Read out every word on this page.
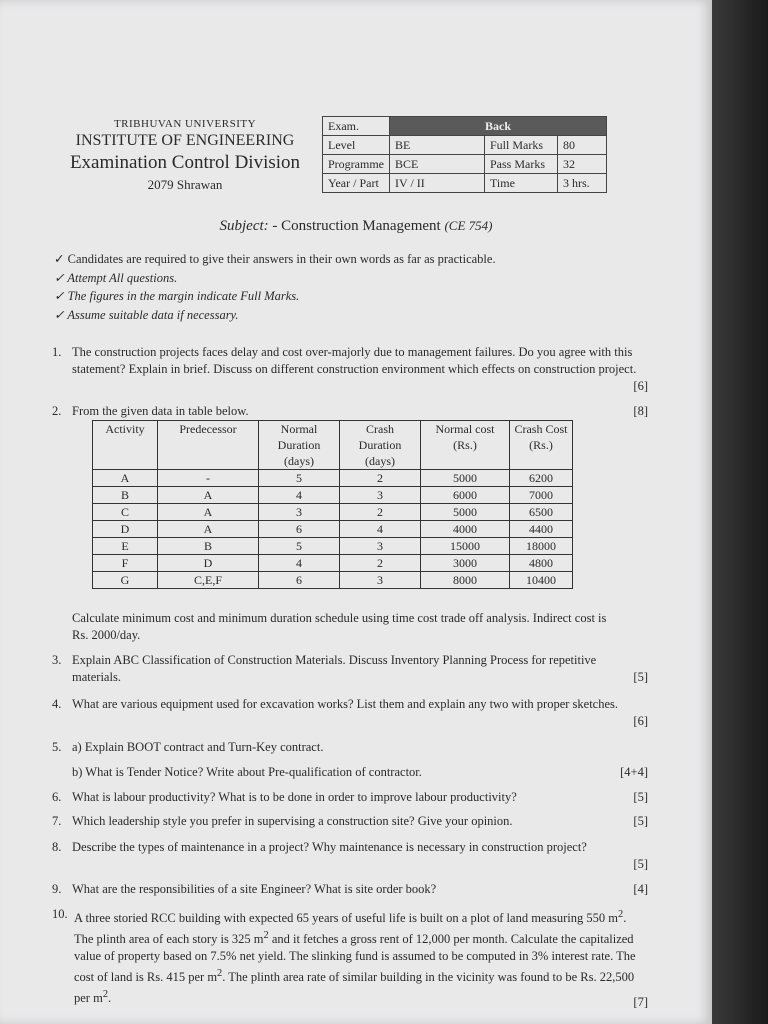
TRIBHUVAN UNIVERSITY
INSTITUTE OF ENGINEERING
Examination Control Division
2079 Shrawan
Exam.	Back		
Level	BE	Full Marks	80
Programme	BCE	Pass Marks	32
Year / Part	IV / II	Time	3 hrs.
Subject: - Construction Management (CE 754)
✓ Candidates are required to give their answers in their own words as far as practicable.
✓ Attempt All questions.
✓ The figures in the margin indicate Full Marks.
✓ Assume suitable data if necessary.
1. The construction projects faces delay and cost over-majorly due to management failures. Do you agree with this statement? Explain in brief. Discuss on different construction environment which effects on construction project.
[6]
2. From the given data in table below.	[8]
Activity	Predecessor	Normal Duration (days)	Crash Duration (days)	Normal cost (Rs.)	Crash Cost (Rs.)
A	-	5	2	5000	6200
B	A	4	3	6000	7000
C	A	3	2	5000	6500
D	A	6	4	4000	4400
E	B	5	3	15000	18000
F	D	4	2	3000	4800
G	C,E,F	6	3	8000	10400
Calculate minimum cost and minimum duration schedule using time cost trade off analysis. Indirect cost is Rs. 2000/day.
3. Explain ABC Classification of Construction Materials. Discuss Inventory Planning Process for repetitive materials.	[5]
4. What are various equipment used for excavation works? List them and explain any two with proper sketches.
[6]
5. a) Explain BOOT contract and Turn-Key contract.
b) What is Tender Notice? Write about Pre-qualification of contractor.	[4+4]
6. What is labour productivity? What is to be done in order to improve labour productivity?	[5]
7. Which leadership style you prefer in supervising a construction site? Give your opinion.	[5]
8. Describe the types of maintenance in a project? Why maintenance is necessary in construction project?
[5]
9. What are the responsibilities of a site Engineer? What is site order book?	[4]
10. A three storied RCC building with expected 65 years of useful life is built on a plot of land measuring 550 $m^2$. The plinth area of each story is 325 $m^2$ and it fetches a gross rent of 12,000 per month. Calculate the capitalized value of property based on 7.5% net yield. The slinking fund is assumed to be computed in 3% interest rate. The cost of land is Rs. 415 per $m^2$. The plinth area rate of similar building in the vicinity was found to be Rs. 22,500 per $m^2$.	[7]
